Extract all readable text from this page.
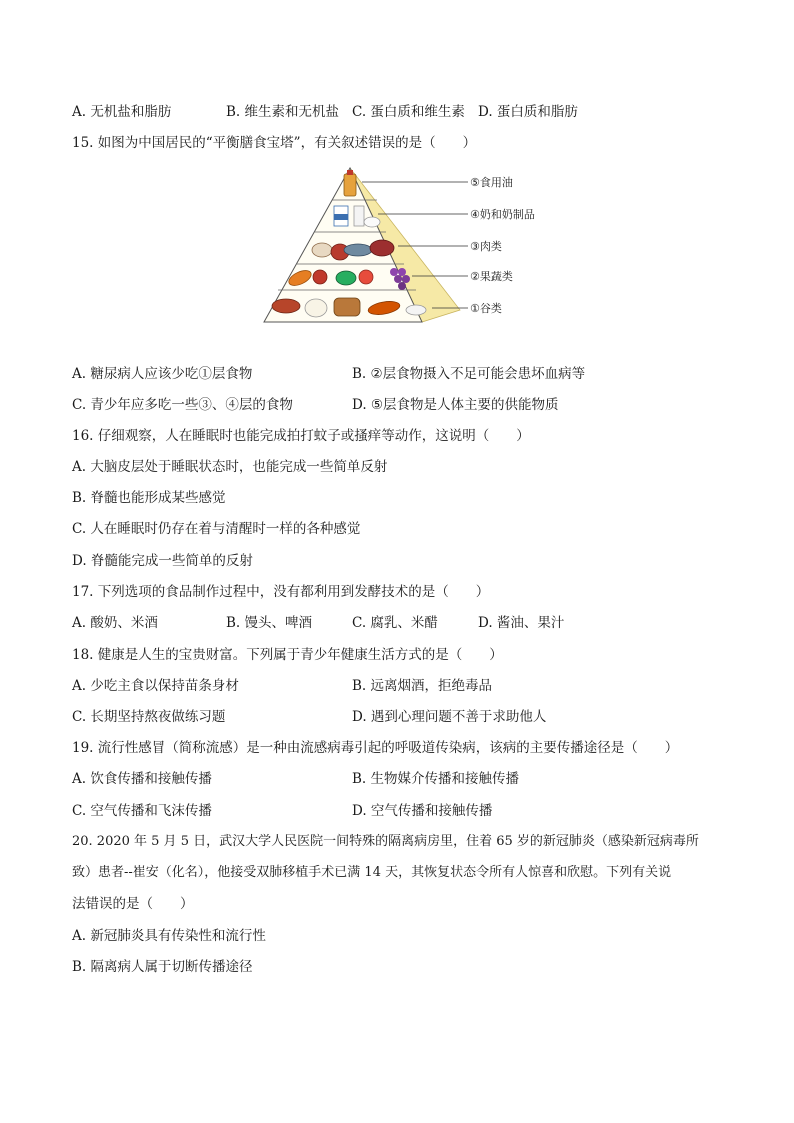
A. 无机盐和脂肪	B. 维生素和无机盐 C. 蛋白质和维生素 D. 蛋白质和脂肪
15. 如图为中国居民的“平衡膳食宝塔”，有关叙述错误的是（　　）
⑤食用油
④奶和奶制品
③肉类
②果蔬类
①谷类
A. 糖尿病人应该少吃①层食物	B. ②层食物摄入不足可能会患坏血病等
C. 青少年应多吃一些③、④层的食物	D. ⑤层食物是人体主要的供能物质
16. 仔细观察，人在睡眠时也能完成拍打蚊子或搔痒等动作，这说明（　　）
A. 大脑皮层处于睡眠状态时，也能完成一些简单反射
B. 脊髓也能形成某些感觉
C. 人在睡眠时仍存在着与清醒时一样的各种感觉
D. 脊髓能完成一些简单的反射
17. 下列选项的食品制作过程中，没有都利用到发酵技术的是（　　）
A. 酸奶、米酒	B. 馒头、啤酒	C. 腐乳、米醋	D. 酱油、果汁
18. 健康是人生的宝贵财富。下列属于青少年健康生活方式的是（　　）
A. 少吃主食以保持苗条身材	B. 远离烟酒，拒绝毒品
C. 长期坚持熬夜做练习题	D. 遇到心理问题不善于求助他人
19. 流行性感冒（简称流感）是一种由流感病毒引起的呼吸道传染病，该病的主要传播途径是（　　）
A. 饮食传播和接触传播	B. 生物媒介传播和接触传播
C. 空气传播和飞沫传播	D. 空气传播和接触传播
20. 2020 年 5 月 5 日，武汉大学人民医院一间特殊的隔离病房里，住着 65 岁的新冠肺炎（感染新冠病毒所
致）患者--崔安（化名），他接受双肺移植手术已满 14 天，其恢复状态令所有人惊喜和欣慰。下列有关说
法错误的是（　　）
A. 新冠肺炎具有传染性和流行性
B. 隔离病人属于切断传播途径
